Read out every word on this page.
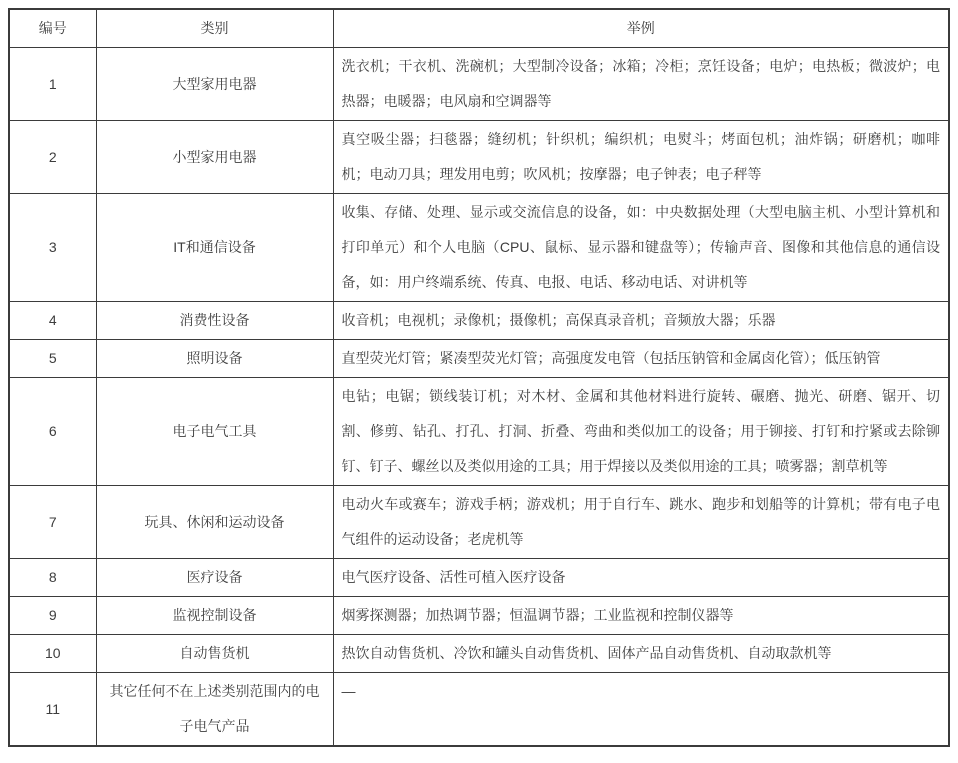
编号	类别	举例
1	大型家用电器	洗衣机；干衣机、洗碗机；大型制冷设备；冰箱；冷柜；烹饪设备；电炉；电热板；微波炉；电热器；电暖器；电风扇和空调器等
2	小型家用电器	真空吸尘器；扫毯器；缝纫机；针织机；编织机；电熨斗；烤面包机；油炸锅；研磨机；咖啡机；电动刀具；理发用电剪；吹风机；按摩器；电子钟表；电子秤等
3	IT和通信设备	收集、存储、处理、显示或交流信息的设备，如：中央数据处理（大型电脑主机、小型计算机和打印单元）和个人电脑（CPU、鼠标、显示器和键盘等）；传输声音、图像和其他信息的通信设备，如：用户终端系统、传真、电报、电话、移动电话、对讲机等
4	消费性设备	收音机；电视机；录像机；摄像机；高保真录音机；音频放大器；乐器
5	照明设备	直型荧光灯管；紧凑型荧光灯管；高强度发电管（包括压钠管和金属卤化管）；低压钠管
6	电子电气工具	电钻；电锯；锁线装订机；对木材、金属和其他材料进行旋转、碾磨、抛光、研磨、锯开、切割、修剪、钻孔、打孔、打洞、折叠、弯曲和类似加工的设备；用于铆接、打钉和拧紧或去除铆钉、钉子、螺丝以及类似用途的工具；用于焊接以及类似用途的工具；喷雾器；割草机等
7	玩具、休闲和运动设备	电动火车或赛车；游戏手柄；游戏机；用于自行车、跳水、跑步和划船等的计算机；带有电子电气组件的运动设备；老虎机等
8	医疗设备	电气医疗设备、活性可植入医疗设备
9	监视控制设备	烟雾探测器；加热调节器；恒温调节器；工业监视和控制仪器等
10	自动售货机	热饮自动售货机、冷饮和罐头自动售货机、固体产品自动售货机、自动取款机等
11	其它任何不在上述类别范围内的电子电气产品	—
